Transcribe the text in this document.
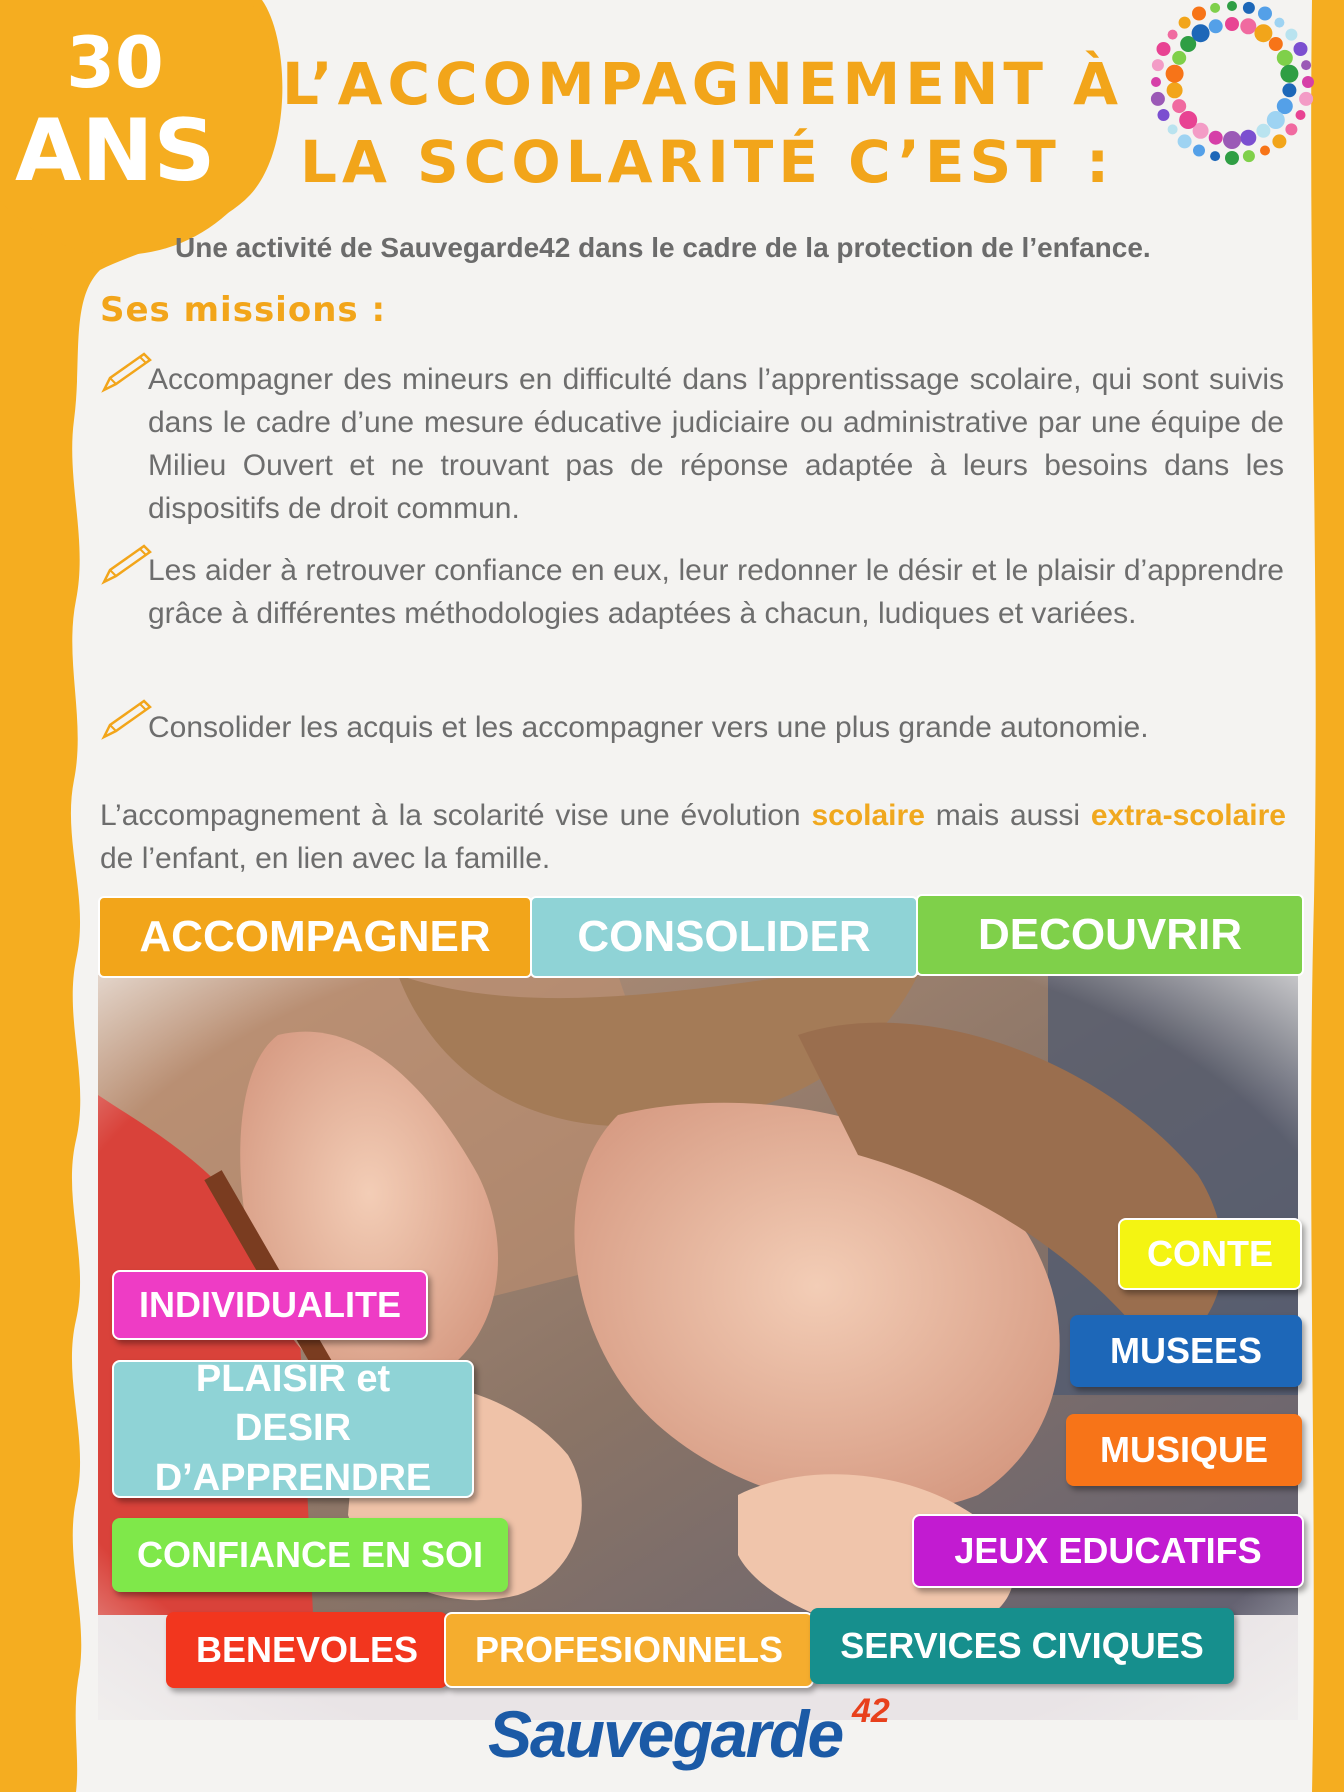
30
ANS
L’ACCOMPAGNEMENT À
LA SCOLARITÉ C’EST :
Une activité de Sauvegarde42 dans le cadre de la protection de l’enfance.
Ses missions :
Accompagner des mineurs en difficulté dans l’apprentissage scolaire, qui sont suivis dans le cadre d’une mesure éducative judiciaire ou administrative par une équipe de Milieu Ouvert et ne trouvant pas de réponse adaptée à leurs besoins dans les dispositifs de droit commun.
Les aider à retrouver confiance en eux, leur redonner le désir et le plaisir d’apprendre grâce à différentes méthodologies adaptées à chacun, ludiques et variées.
Consolider les acquis et les accompagner vers une plus grande autonomie.
L’accompagnement à la scolarité vise une évolution scolaire mais aussi extra-scolaire de l’enfant, en lien avec la famille.
ACCOMPAGNER	CONSOLIDER	DECOUVRIR
INDIVIDUALITE
PLAISIR et DESIR D’APPRENDRE
CONFIANCE EN SOI
CONTE
MUSEES
MUSIQUE
JEUX EDUCATIFS
BENEVOLES	PROFESIONNELS	SERVICES CIVIQUES
Sauvegarde 42
